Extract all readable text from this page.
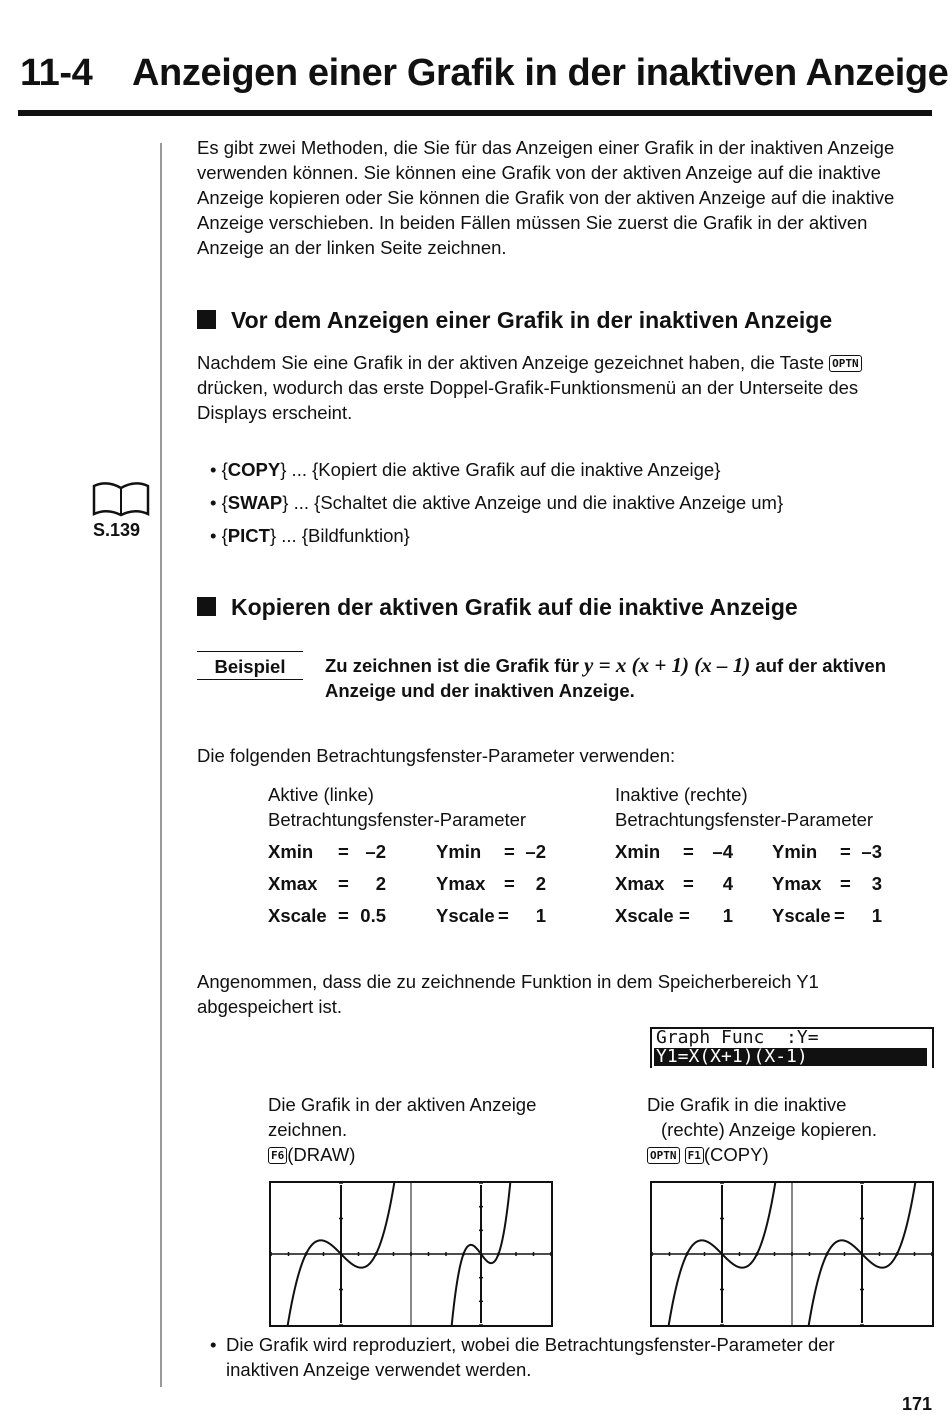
11-4 Anzeigen einer Grafik in der inaktiven Anzeige
Es gibt zwei Methoden, die Sie für das Anzeigen einer Grafik in der inaktiven Anzeige verwenden können. Sie können eine Grafik von der aktiven Anzeige auf die inaktive Anzeige kopieren oder Sie können die Grafik von der aktiven Anzeige auf die inaktive Anzeige verschieben. In beiden Fällen müssen Sie zuerst die Grafik in der aktiven Anzeige an der linken Seite zeichnen.
Vor dem Anzeigen einer Grafik in der inaktiven Anzeige
Nachdem Sie eine Grafik in der aktiven Anzeige gezeichnet haben, die Taste OPTN drücken, wodurch das erste Doppel-Grafik-Funktionsmenü an der Unterseite des Displays erscheint.
S.139
• {COPY} ... {Kopiert die aktive Grafik auf die inaktive Anzeige}
• {SWAP} ... {Schaltet die aktive Anzeige und die inaktive Anzeige um}
• {PICT} ... {Bildfunktion}
Kopieren der aktiven Grafik auf die inaktive Anzeige
Beispiel	Zu zeichnen ist die Grafik für y = x (x + 1) (x – 1) auf der aktiven
Anzeige und der inaktiven Anzeige.
Die folgenden Betrachtungsfenster-Parameter verwenden:
Aktive (linke)
Betrachtungsfenster-Parameter
Inaktive (rechte)
Betrachtungsfenster-Parameter
Xmin = –2	Ymin = –2
Xmax =	2	Ymax =	2
Xscale = 0.5	Yscale =	1
Xmin =	–4 Ymin = –3
Xmax =	4 Ymax =	3
Xscale =	1 Yscale =	1
Angenommen, dass die zu zeichnende Funktion in dem Speicherbereich Y1 abgespeichert ist.
Graph Func  :Y=
Y1=X(X+1)(X-1)
Die Grafik in der aktiven Anzeige
zeichnen.
F6 (DRAW)
Die Grafik in die inaktive
(rechte) Anzeige kopieren.
OPTN F1 (COPY)
• Die Grafik wird reproduziert, wobei die Betrachtungsfenster-Parameter der inaktiven Anzeige verwendet werden.
171
